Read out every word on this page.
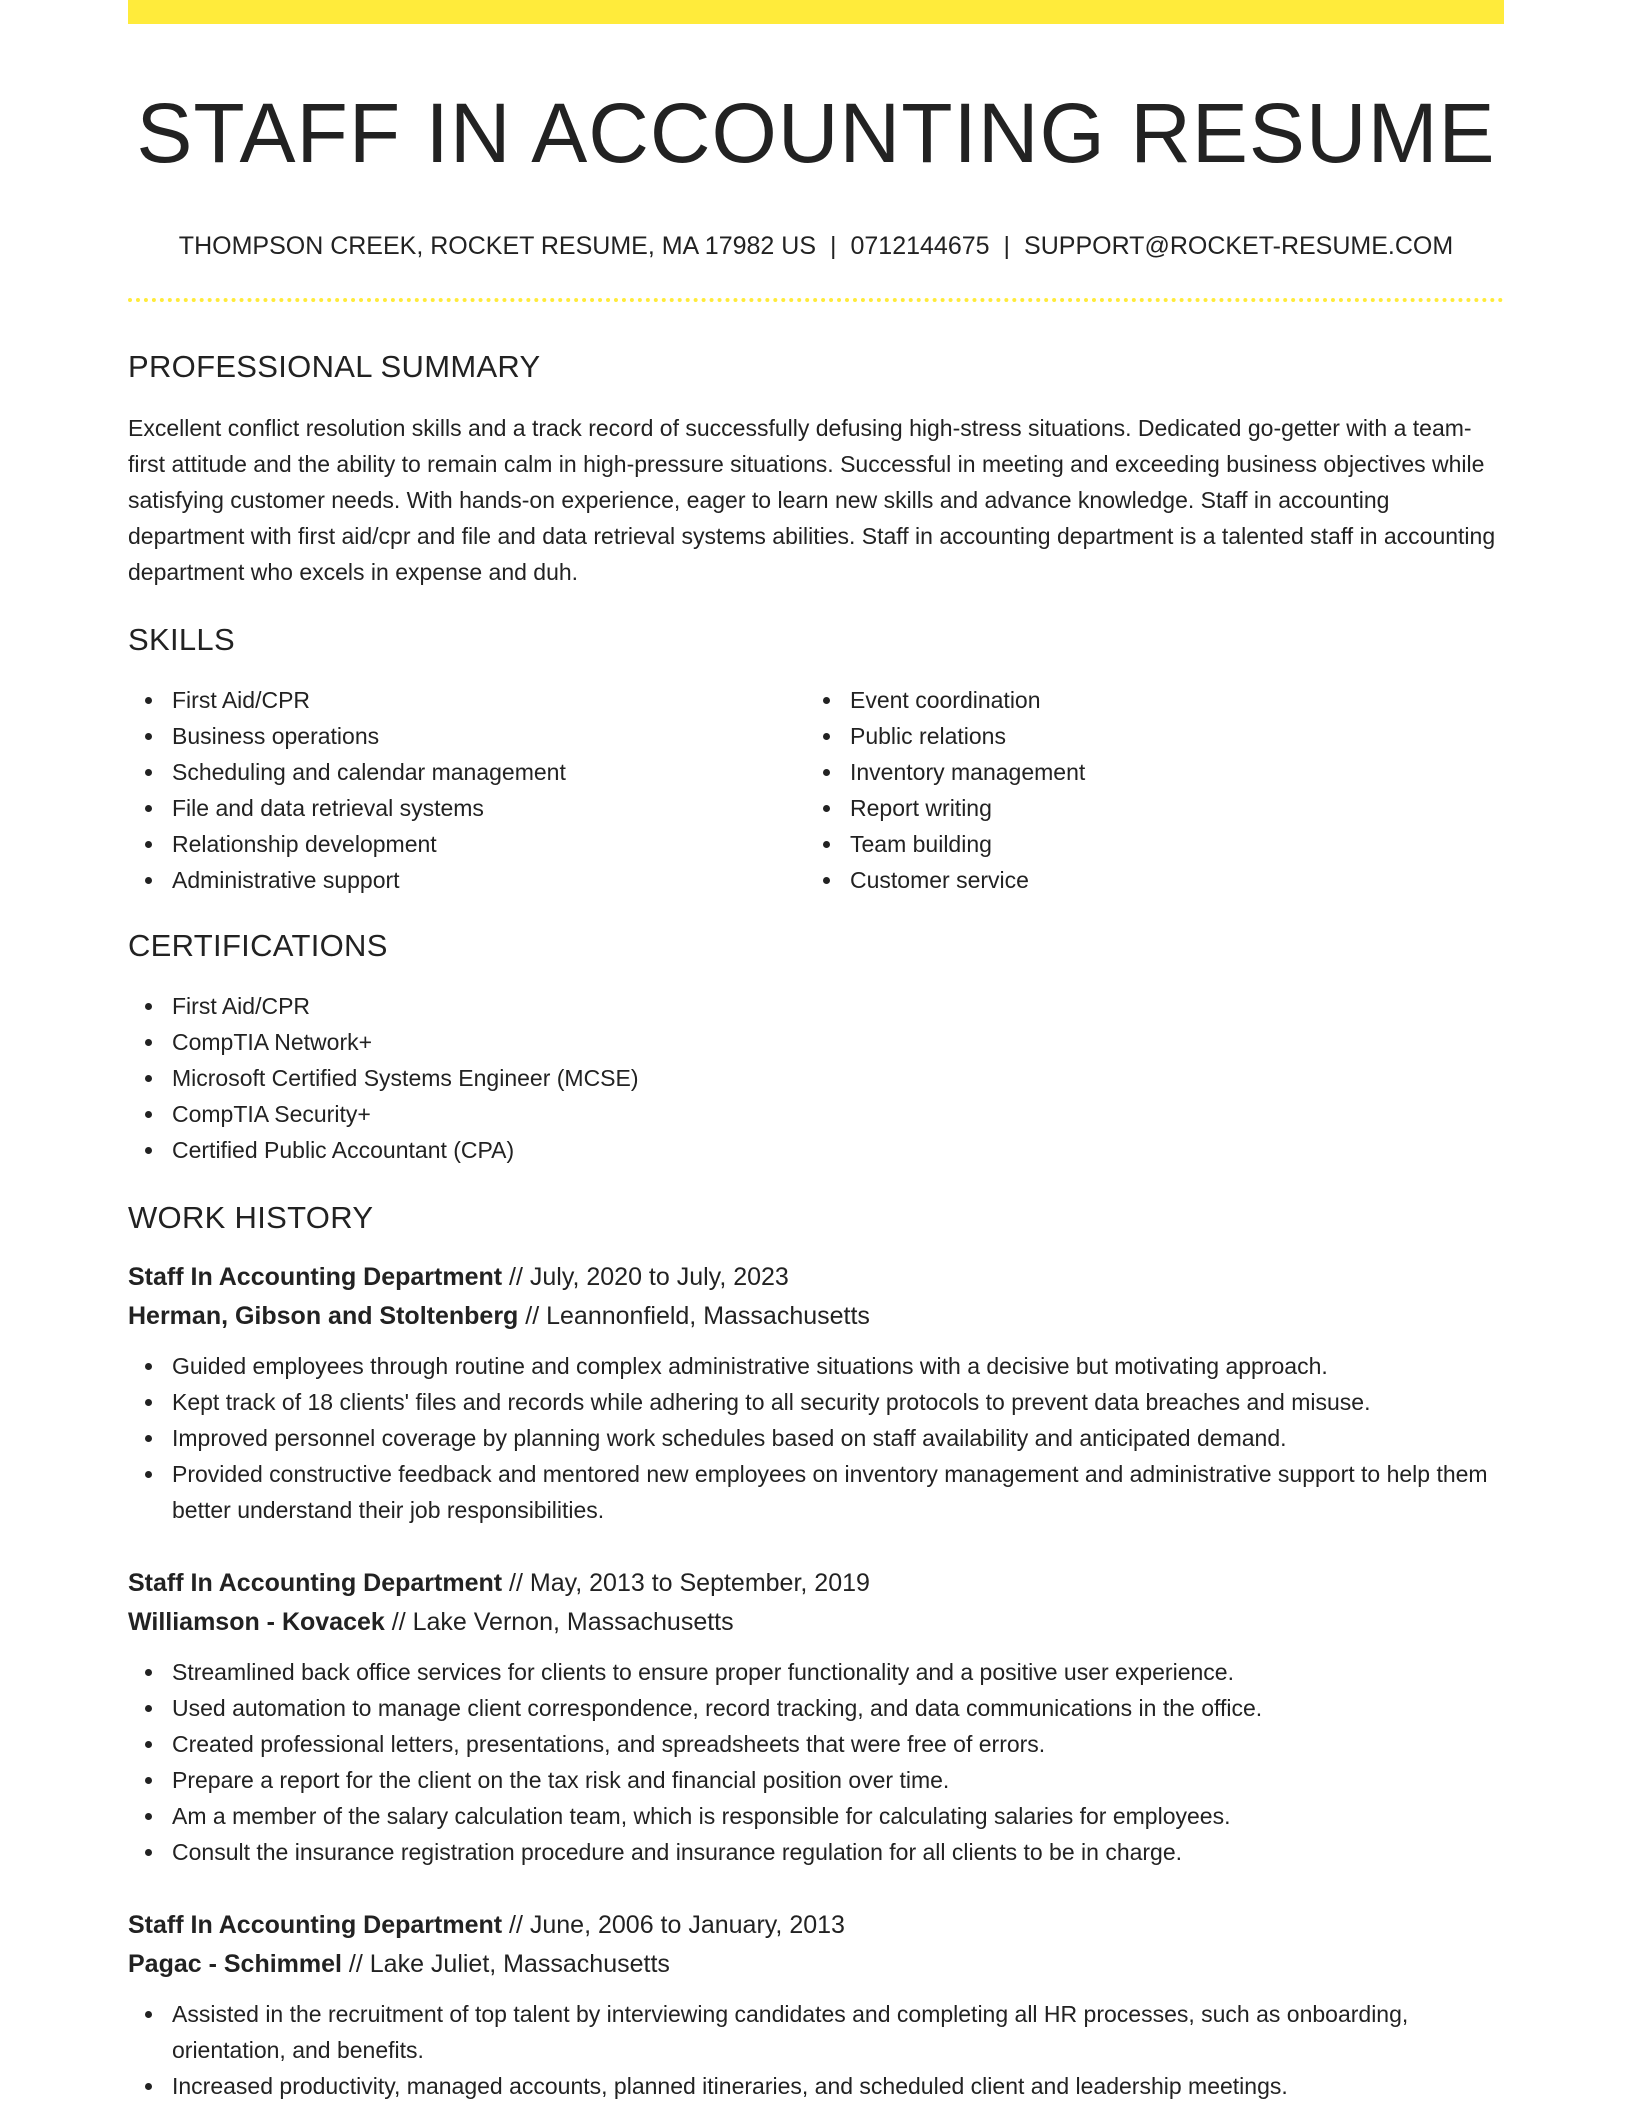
STAFF IN ACCOUNTING RESUME
THOMPSON CREEK, ROCKET RESUME, MA 17982 US | 0712144675 | SUPPORT@ROCKET-RESUME.COM
PROFESSIONAL SUMMARY

Excellent conflict resolution skills and a track record of successfully defusing high-stress situations. Dedicated go-getter with a team-first attitude and the ability to remain calm in high-pressure situations. Successful in meeting and exceeding business objectives while satisfying customer needs. With hands-on experience, eager to learn new skills and advance knowledge. Staff in accounting department with first aid/cpr and file and data retrieval systems abilities. Staff in accounting department is a talented staff in accounting department who excels in expense and duh.

SKILLS
First Aid/CPR
Business operations
Scheduling and calendar management
File and data retrieval systems
Relationship development
Administrative support
Event coordination
Public relations
Inventory management
Report writing
Team building
Customer service
CERTIFICATIONS
First Aid/CPR
CompTIA Network+
Microsoft Certified Systems Engineer (MCSE)
CompTIA Security+
Certified Public Accountant (CPA)
WORK HISTORY
Staff In Accounting Department // July, 2020 to July, 2023
Herman, Gibson and Stoltenberg // Leannonfield, Massachusetts
Guided employees through routine and complex administrative situations with a decisive but motivating approach.
Kept track of 18 clients' files and records while adhering to all security protocols to prevent data breaches and misuse.
Improved personnel coverage by planning work schedules based on staff availability and anticipated demand.
Provided constructive feedback and mentored new employees on inventory management and administrative support to help them better understand their job responsibilities.
Staff In Accounting Department // May, 2013 to September, 2019
Williamson - Kovacek // Lake Vernon, Massachusetts
Streamlined back office services for clients to ensure proper functionality and a positive user experience.
Used automation to manage client correspondence, record tracking, and data communications in the office.
Created professional letters, presentations, and spreadsheets that were free of errors.
Prepare a report for the client on the tax risk and financial position over time.
Am a member of the salary calculation team, which is responsible for calculating salaries for employees.
Consult the insurance registration procedure and insurance regulation for all clients to be in charge.
Staff In Accounting Department // June, 2006 to January, 2013
Pagac - Schimmel // Lake Juliet, Massachusetts
Assisted in the recruitment of top talent by interviewing candidates and completing all HR processes, such as onboarding, orientation, and benefits.
Increased productivity, managed accounts, planned itineraries, and scheduled client and leadership meetings.
